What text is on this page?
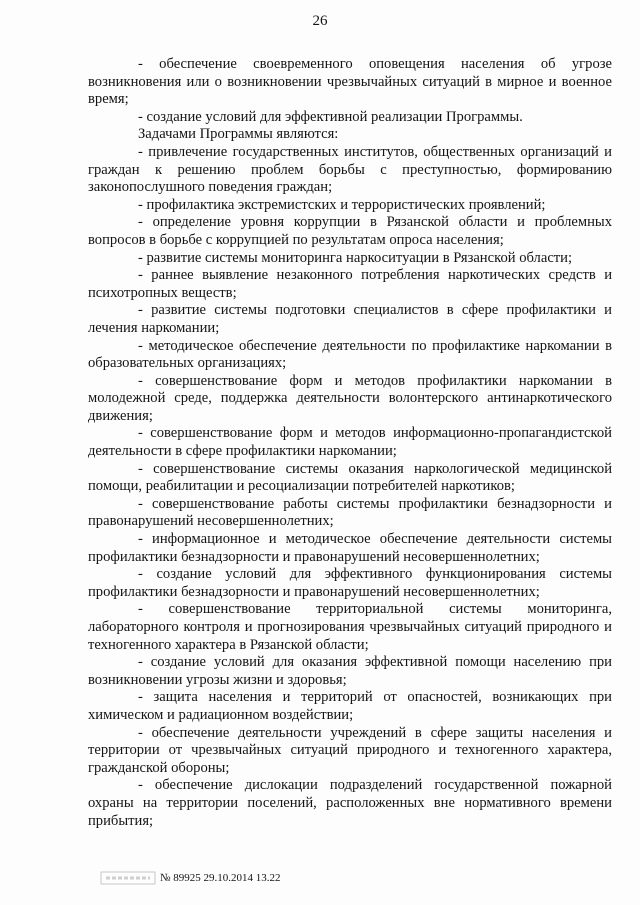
26

- обеспечение своевременного оповещения населения об угрозе возникновения или о возникновении чрезвычайных ситуаций в мирное и военное время;

- создание условий для эффективной реализации Программы.

Задачами Программы являются:

- привлечение государственных институтов, общественных организаций и граждан к решению проблем борьбы с преступностью, формированию законопослушного поведения граждан;

- профилактика экстремистских и террористических проявлений;

- определение уровня коррупции в Рязанской области и проблемных вопросов в борьбе с коррупцией по результатам опроса населения;

- развитие системы мониторинга наркоситуации в Рязанской области;

- раннее выявление незаконного потребления наркотических средств и психотропных веществ;

- развитие системы подготовки специалистов в сфере профилактики и лечения наркомании;

- методическое обеспечение деятельности по профилактике наркомании в образовательных организациях;

- совершенствование форм и методов профилактики наркомании в молодежной среде, поддержка деятельности волонтерского антинаркотического движения;

- совершенствование форм и методов информационно-пропагандистской деятельности в сфере профилактики наркомании;

- совершенствование системы оказания наркологической медицинской помощи, реабилитации и ресоциализации потребителей наркотиков;

- совершенствование работы системы профилактики безнадзорности и правонарушений несовершеннолетних;

- информационное и методическое обеспечение деятельности системы профилактики безнадзорности и правонарушений несовершеннолетних;

- создание условий для эффективного функционирования системы профилактики безнадзорности и правонарушений несовершеннолетних;

- совершенствование территориальной системы мониторинга, лабораторного контроля и прогнозирования чрезвычайных ситуаций природного и техногенного характера в Рязанской области;

- создание условий для оказания эффективной помощи населению при возникновении угрозы жизни и здоровья;

- защита населения и территорий от опасностей, возникающих при химическом и радиационном воздействии;

- обеспечение деятельности учреждений в сфере защиты населения и территории от чрезвычайных ситуаций природного и техногенного характера, гражданской обороны;

- обеспечение дислокации подразделений государственной пожарной охраны на территории поселений, расположенных вне нормативного времени прибытия;

№ 89925 29.10.2014 13.22
